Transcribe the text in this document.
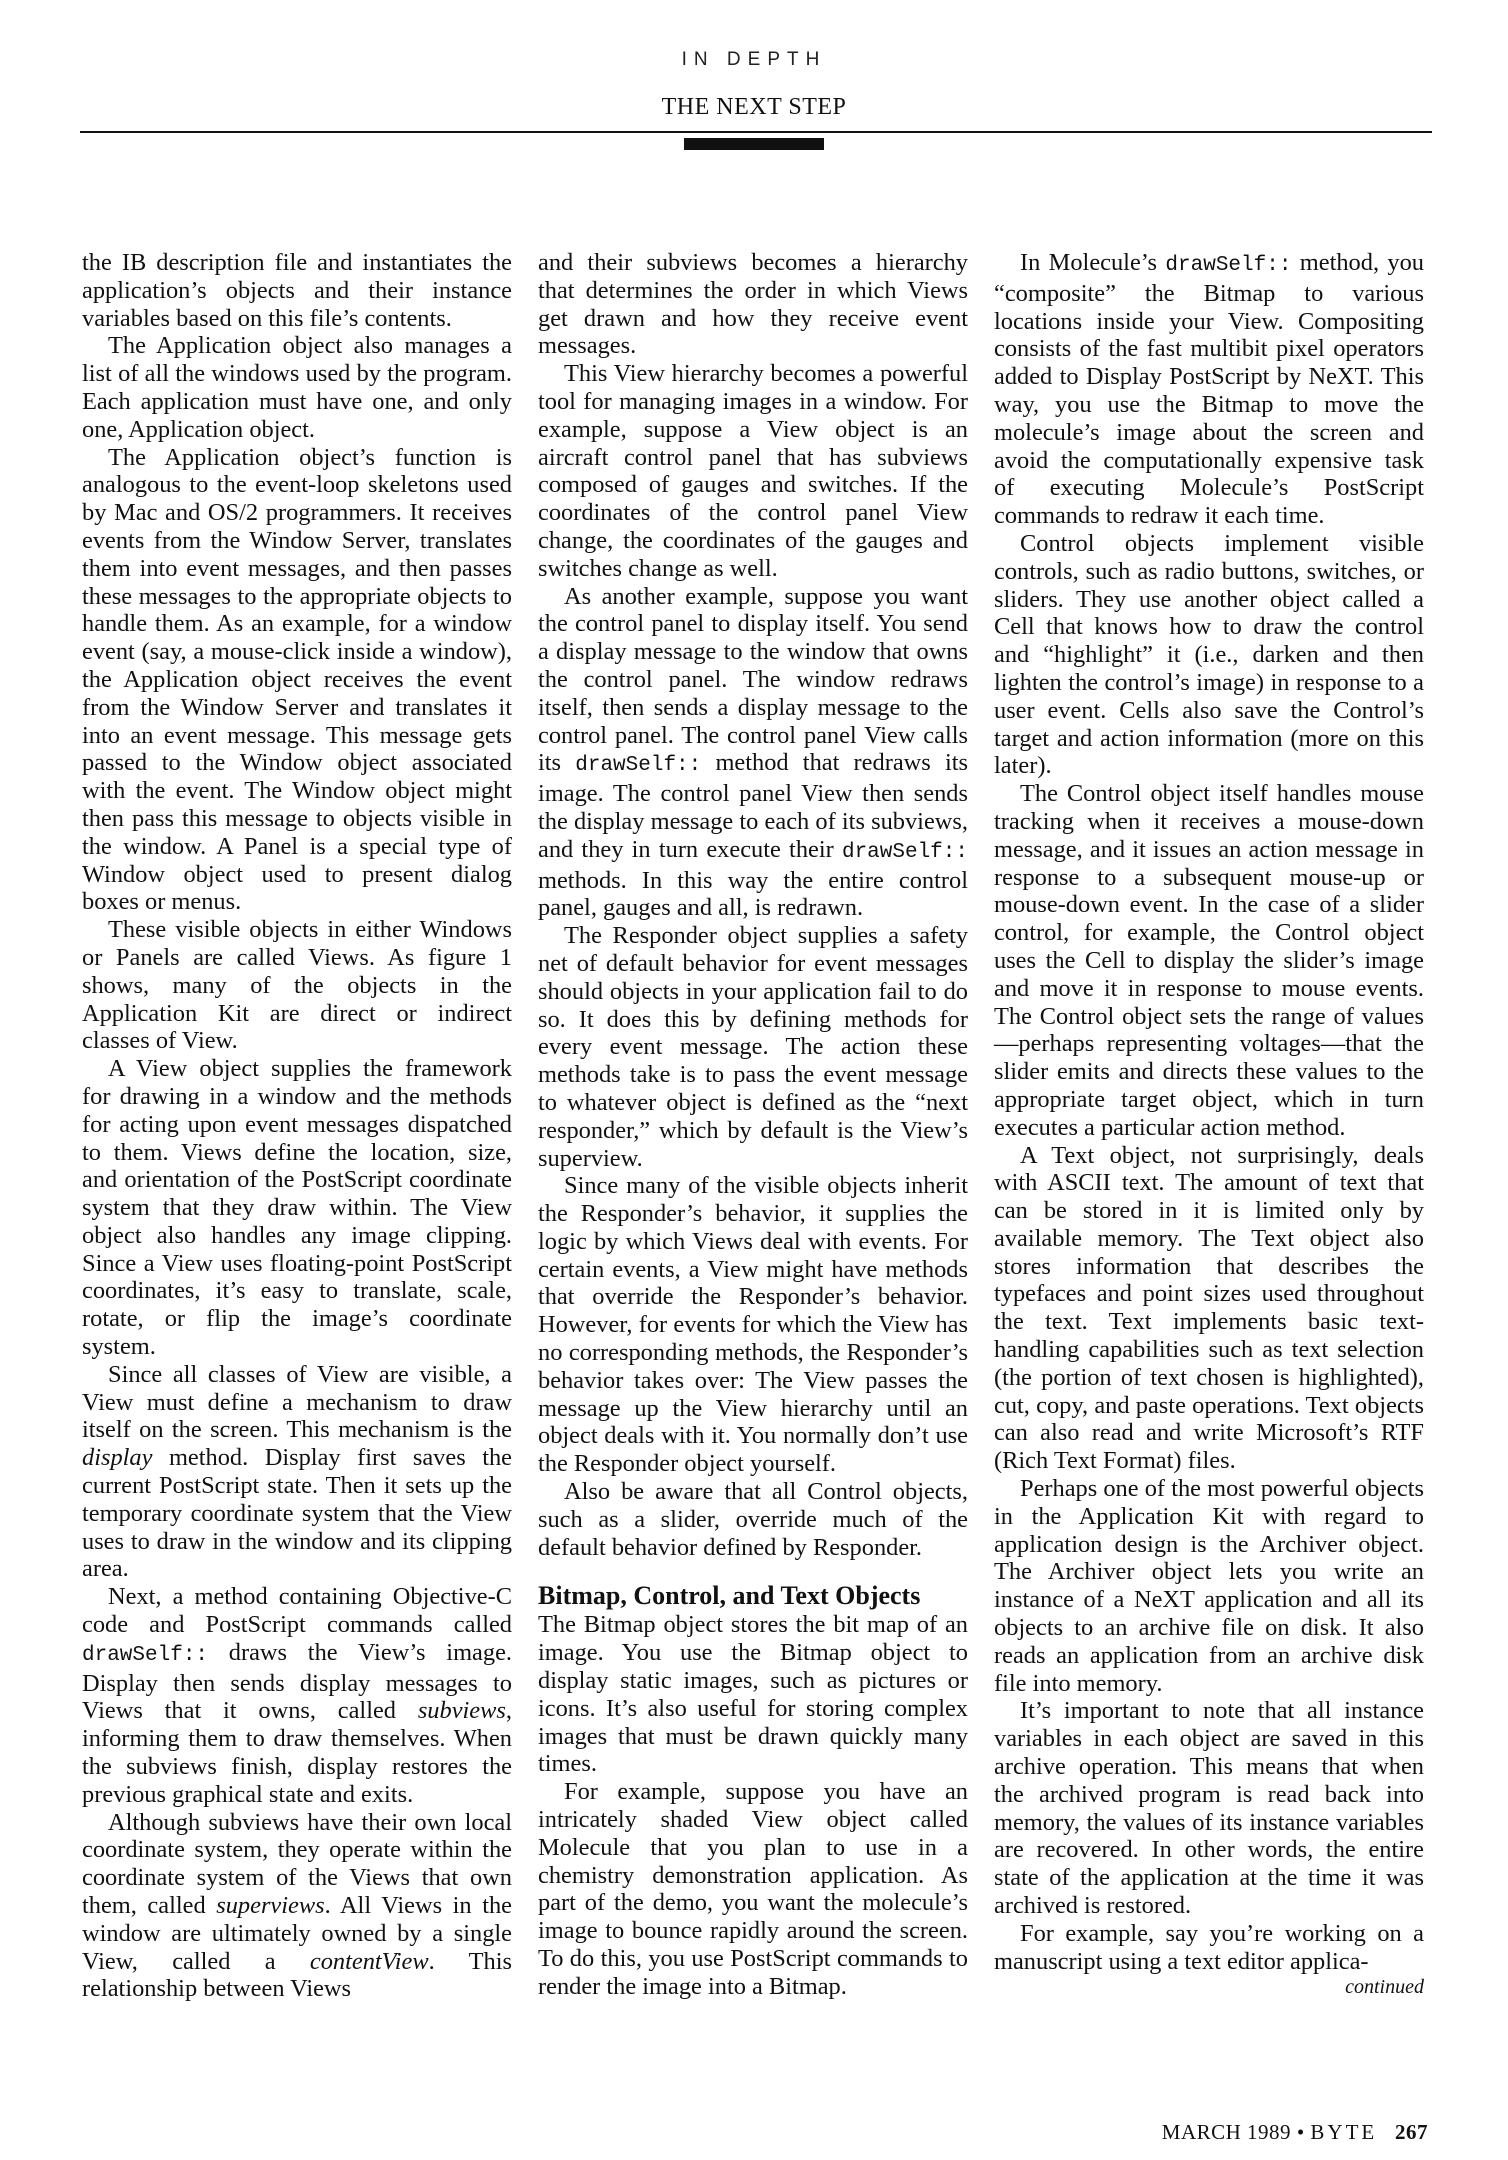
IN DEPTH
THE NEXT STEP

the IB description file and instantiates the application’s objects and their instance variables based on this file’s contents.

The Application object also manages a list of all the windows used by the program. Each application must have one, and only one, Application object.

The Application object’s function is analogous to the event-loop skeletons used by Mac and OS/2 programmers. It receives events from the Window Server, translates them into event messages, and then passes these messages to the appropriate objects to handle them. As an example, for a window event (say, a mouse-click inside a window), the Application object receives the event from the Window Server and translates it into an event message. This message gets passed to the Window object associated with the event. The Window object might then pass this message to objects visible in the window. A Panel is a special type of Window object used to present dialog boxes or menus.

These visible objects in either Windows or Panels are called Views. As figure 1 shows, many of the objects in the Application Kit are direct or indirect classes of View.

A View object supplies the framework for drawing in a window and the methods for acting upon event messages dispatched to them. Views define the location, size, and orientation of the PostScript coordinate system that they draw within. The View object also handles any image clipping. Since a View uses floating-point PostScript coordinates, it’s easy to translate, scale, rotate, or flip the image’s coordinate system.

Since all classes of View are visible, a View must define a mechanism to draw itself on the screen. This mechanism is the display method. Display first saves the current PostScript state. Then it sets up the temporary coordinate system that the View uses to draw in the window and its clipping area.

Next, a method containing Objective-C code and PostScript commands called drawSelf:: draws the View’s image. Display then sends display messages to Views that it owns, called subviews, informing them to draw themselves. When the subviews finish, display restores the previous graphical state and exits.

Although subviews have their own local coordinate system, they operate within the coordinate system of the Views that own them, called superviews. All Views in the window are ultimately owned by a single View, called a contentView. This relationship between Views

and their subviews becomes a hierarchy that determines the order in which Views get drawn and how they receive event messages.

This View hierarchy becomes a powerful tool for managing images in a window. For example, suppose a View object is an aircraft control panel that has subviews composed of gauges and switches. If the coordinates of the control panel View change, the coordinates of the gauges and switches change as well.

As another example, suppose you want the control panel to display itself. You send a display message to the window that owns the control panel. The window redraws itself, then sends a display message to the control panel. The control panel View calls its drawSelf:: method that redraws its image. The control panel View then sends the display message to each of its subviews, and they in turn execute their drawSelf:: methods. In this way the entire control panel, gauges and all, is redrawn.

The Responder object supplies a safety net of default behavior for event messages should objects in your application fail to do so. It does this by defining methods for every event message. The action these methods take is to pass the event message to whatever object is defined as the “next responder,” which by default is the View’s superview.

Since many of the visible objects inherit the Responder’s behavior, it supplies the logic by which Views deal with events. For certain events, a View might have methods that override the Responder’s behavior. However, for events for which the View has no corresponding methods, the Responder’s behavior takes over: The View passes the message up the View hierarchy until an object deals with it. You normally don’t use the Responder object yourself.

Also be aware that all Control objects, such as a slider, override much of the default behavior defined by Responder.

Bitmap, Control, and Text Objects

The Bitmap object stores the bit map of an image. You use the Bitmap object to display static images, such as pictures or icons. It’s also useful for storing complex images that must be drawn quickly many times.

For example, suppose you have an intricately shaded View object called Molecule that you plan to use in a chemistry demonstration application. As part of the demo, you want the molecule’s image to bounce rapidly around the screen. To do this, you use PostScript commands to render the image into a Bitmap.

In Molecule’s drawSelf:: method, you “composite” the Bitmap to various locations inside your View. Compositing consists of the fast multibit pixel operators added to Display PostScript by NeXT. This way, you use the Bitmap to move the molecule’s image about the screen and avoid the computationally expensive task of executing Molecule’s PostScript commands to redraw it each time.

Control objects implement visible controls, such as radio buttons, switches, or sliders. They use another object called a Cell that knows how to draw the control and “highlight” it (i.e., darken and then lighten the control’s image) in response to a user event. Cells also save the Control’s target and action information (more on this later).

The Control object itself handles mouse tracking when it receives a mouse-down message, and it issues an action message in response to a subsequent mouse-up or mouse-down event. In the case of a slider control, for example, the Control object uses the Cell to display the slider’s image and move it in response to mouse events. The Control object sets the range of values—perhaps representing voltages—that the slider emits and directs these values to the appropriate target object, which in turn executes a particular action method.

A Text object, not surprisingly, deals with ASCII text. The amount of text that can be stored in it is limited only by available memory. The Text object also stores information that describes the typefaces and point sizes used throughout the text. Text implements basic text-handling capabilities such as text selection (the portion of text chosen is highlighted), cut, copy, and paste operations. Text objects can also read and write Microsoft’s RTF (Rich Text Format) files.

Perhaps one of the most powerful objects in the Application Kit with regard to application design is the Archiver object. The Archiver object lets you write an instance of a NeXT application and all its objects to an archive file on disk. It also reads an application from an archive disk file into memory.

It’s important to note that all instance variables in each object are saved in this archive operation. This means that when the archived program is read back into memory, the values of its instance variables are recovered. In other words, the entire state of the application at the time it was archived is restored.

For example, say you’re working on a manuscript using a text editor applica-

continued
MARCH 1989 • BYTE 267
